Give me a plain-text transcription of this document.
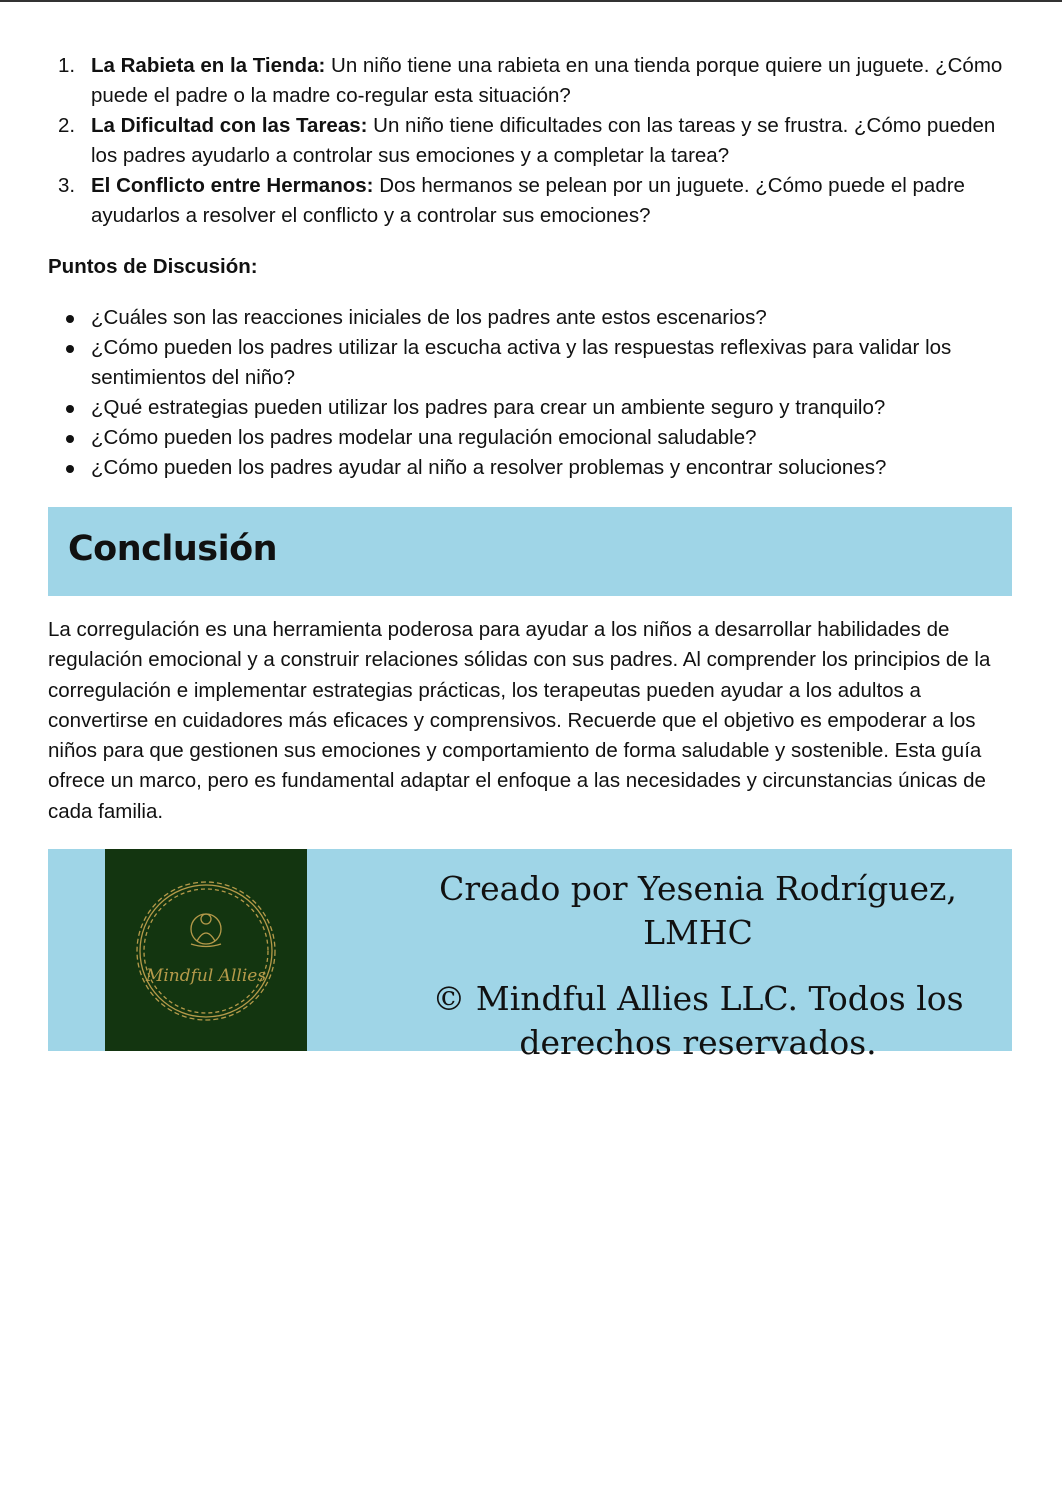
1. La Rabieta en la Tienda: Un niño tiene una rabieta en una tienda porque quiere un juguete. ¿Cómo puede el padre o la madre co-regular esta situación?
2. La Dificultad con las Tareas: Un niño tiene dificultades con las tareas y se frustra. ¿Cómo pueden los padres ayudarlo a controlar sus emociones y a completar la tarea?
3. El Conflicto entre Hermanos: Dos hermanos se pelean por un juguete. ¿Cómo puede el padre ayudarlos a resolver el conflicto y a controlar sus emociones?
Puntos de Discusión:
¿Cuáles son las reacciones iniciales de los padres ante estos escenarios?
¿Cómo pueden los padres utilizar la escucha activa y las respuestas reflexivas para validar los sentimientos del niño?
¿Qué estrategias pueden utilizar los padres para crear un ambiente seguro y tranquilo?
¿Cómo pueden los padres modelar una regulación emocional saludable?
¿Cómo pueden los padres ayudar al niño a resolver problemas y encontrar soluciones?
Conclusión

La corregulación es una herramienta poderosa para ayudar a los niños a desarrollar habilidades de regulación emocional y a construir relaciones sólidas con sus padres. Al comprender los principios de la corregulación e implementar estrategias prácticas, los terapeutas pueden ayudar a los adultos a convertirse en cuidadores más eficaces y comprensivos. Recuerde que el objetivo es empoderar a los niños para que gestionen sus emociones y comportamiento de forma saludable y sostenible. Esta guía ofrece un marco, pero es fundamental adaptar el enfoque a las necesidades y circunstancias únicas de cada familia.

Mindful Allies
Creado por Yesenia Rodríguez, LMHC
© Mindful Allies LLC. Todos los derechos reservados.
